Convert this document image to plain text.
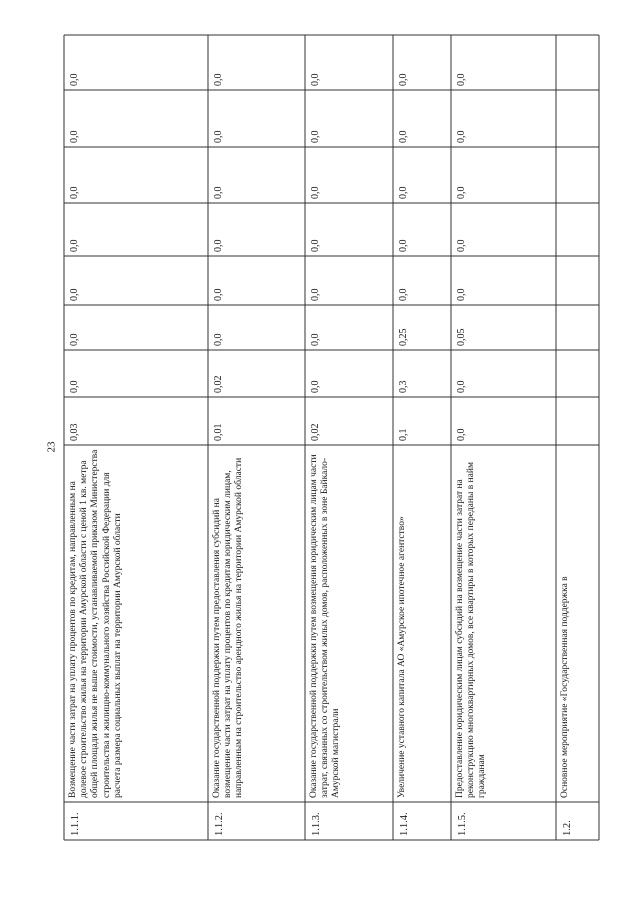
23
1.1.1.
Возмещение части затрат на уплату процентов по кредитам, направленным на долевое строительство жилья на территории Амурской области с ценой 1 кв. метра общей площади жилья не выше стоимости, устанавливаемой приказом Министерства строительства и жилищно-коммунального хозяйства Российской Федерации для расчета размера социальных выплат на территории Амурской области
0,03
0,0
0,0
0,0
0,0
0,0
0,0
0,0
1.1.2.
Оказание государственной поддержки путем предоставления субсидий на возмещение части затрат на уплату процентов по кредитам юридическим лицам, направленным на строительство арендного жилья на территории Амурской области
0,01
0,02
0,0
0,0
0,0
0,0
0,0
0,0
1.1.3.
Оказание государственной поддержки путем возмещения юридическим лицам части затрат, связанных со строительством жилых домов, расположенных в зоне Байкало-Амурской магистрали
0,02
0,0
0,0
0,0
0,0
0,0
0,0
0,0
1.1.4.
Увеличение уставного капитала АО «Амурское ипотечное агентство»
0,1
0,3
0,25
0,0
0,0
0,0
0,0
0,0
1.1.5.
Предоставление юридическим лицам субсидий на возмещение части затрат на реконструкцию многоквартирных домов, все квартиры в которых переданы в найм гражданам
0,0
0,0
0,05
0,0
0,0
0,0
0,0
0,0
1.2.
Основное мероприятие «Государственная поддержка в
